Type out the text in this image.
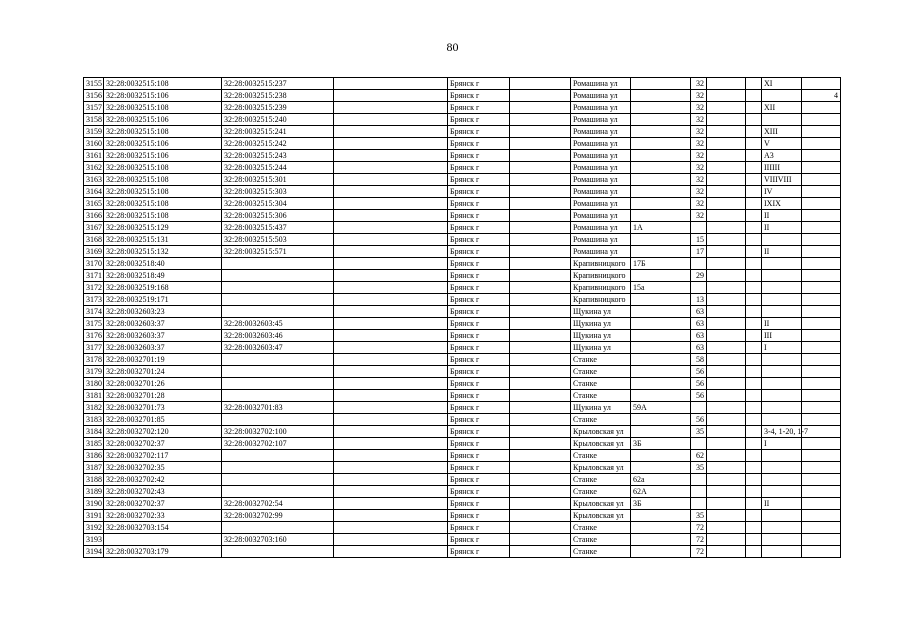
80
3155	32:28:0032515:108	32:28:0032515:237		Брянск г		Ромашина ул		32			XI	
3156	32:28:0032515:106	32:28:0032515:238		Брянск г		Ромашина ул		32				4
3157	32:28:0032515:108	32:28:0032515:239		Брянск г		Ромашина ул		32			XII	
3158	32:28:0032515:106	32:28:0032515:240		Брянск г		Ромашина ул		32				
3159	32:28:0032515:108	32:28:0032515:241		Брянск г		Ромашина ул		32			XIII	
3160	32:28:0032515:106	32:28:0032515:242		Брянск г		Ромашина ул		32			V	
3161	32:28:0032515:106	32:28:0032515:243		Брянск г		Ромашина ул		32			A3	
3162	32:28:0032515:108	32:28:0032515:244		Брянск г		Ромашина ул		32			IIIIII	
3163	32:28:0032515:108	32:28:0032515:301		Брянск г		Ромашина ул		32			VIIIVIII	
3164	32:28:0032515:108	32:28:0032515:303		Брянск г		Ромашина ул		32			IV	
3165	32:28:0032515:108	32:28:0032515:304		Брянск г		Ромашина ул		32			IXIX	
3166	32:28:0032515:108	32:28:0032515:306		Брянск г		Ромашина ул		32			II	
3167	32:28:0032515:129	32:28:0032515:437		Брянск г		Ромашина ул	1А				II	
3168	32:28:0032515:131	32:28:0032515:503		Брянск г		Ромашина ул		15				
3169	32:28:0032515:132	32:28:0032515:571		Брянск г		Ромашина ул		17			II	
3170	32:28:0032518:40			Брянск г		Крапивницкого	17Б					
3171	32:28:0032518:49			Брянск г		Крапивницкого		29				
3172	32:28:0032519:168			Брянск г		Крапивницкого	15а					
3173	32:28:0032519:171			Брянск г		Крапивницкого		13				
3174	32:28:0032603:23			Брянск г		Щукина ул		63				
3175	32:28:0032603:37	32:28:0032603:45		Брянск г		Щукина ул		63			II	
3176	32:28:0032603:37	32:28:0032603:46		Брянск г		Щукина ул		63			III	
3177	32:28:0032603:37	32:28:0032603:47		Брянск г		Щукина ул		63			I	
3178	32:28:0032701:19			Брянск г		Станке		58				
3179	32:28:0032701:24			Брянск г		Станке		56				
3180	32:28:0032701:26			Брянск г		Станке		56				
3181	32:28:0032701:28			Брянск г		Станке		56				
3182	32:28:0032701:73	32:28:0032701:83		Брянск г		Щукина ул	59А					
3183	32:28:0032701:85			Брянск г		Станке		56				
3184	32:28:0032702:120	32:28:0032702:100		Брянск г		Крыловская ул		35			3-4, 1-20, 1-7	
3185	32:28:0032702:37	32:28:0032702:107		Брянск г		Крыловская ул	3Б				I	
3186	32:28:0032702:117			Брянск г		Станке		62				
3187	32:28:0032702:35			Брянск г		Крыловская ул		35				
3188	32:28:0032702:42			Брянск г		Станке	62а					
3189	32:28:0032702:43			Брянск г		Станке	62А					
3190	32:28:0032702:37	32:28:0032702:54		Брянск г		Крыловская ул	3Б				II	
3191	32:28:0032702:33	32:28:0032702:99		Брянск г		Крыловская ул		35				
3192	32:28:0032703:154			Брянск г		Станке		72				
3193		32:28:0032703:160		Брянск г		Станке		72				
3194	32:28:0032703:179			Брянск г		Станке		72				
